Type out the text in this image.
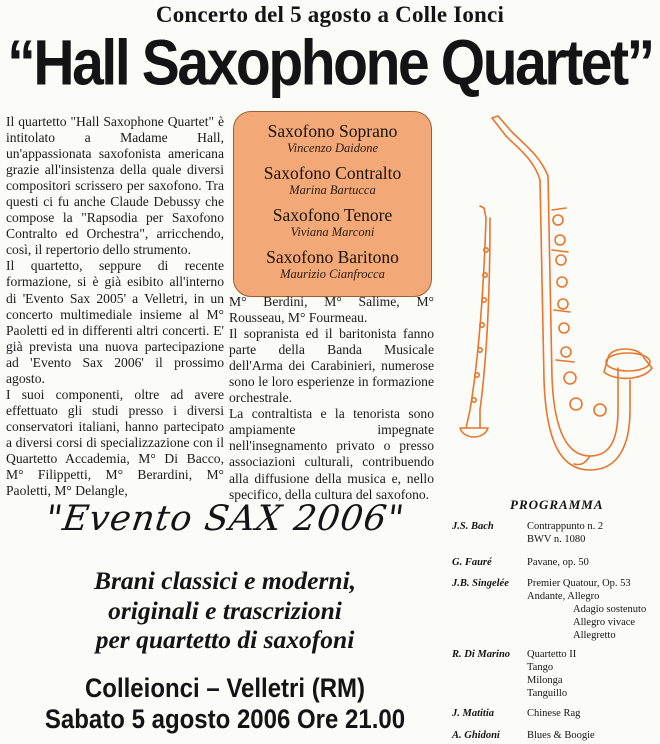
Concerto del 5 agosto a Colle Ionci
“Hall Saxophone Quartet”

Il quartetto "Hall Saxophone Quartet" è intitolato a Madame Hall, un'appassionata saxofonista americana grazie all'insistenza della quale diversi compositori scrissero per saxofono. Tra questi ci fu anche Claude Debussy che compose la "Rapsodia per Saxofono Contralto ed Orchestra", arricchendo, così, il repertorio dello strumento.

Il quartetto, seppure di recente formazione, si è già esibito all'interno di 'Evento Sax 2005' a Velletri, in un concerto multimediale insieme al M° Paoletti ed in differenti altri concerti. E' già prevista una nuova partecipazione ad 'Evento Sax 2006' il prossimo agosto.

I suoi componenti, oltre ad avere effettuato gli studi presso i diversi conservatori italiani, hanno partecipato a diversi corsi di specializzazione con il Quartetto Accademia, M° Di Bacco, M° Filippetti, M° Berardini, M° Paoletti, M° Delangle,

Saxofono Soprano
Vincenzo Daidone
Saxofono Contralto
Marina Bartucca
Saxofono Tenore
Viviana Marconi
Saxofono Baritono
Maurizio Cianfrocca

M° Berdini, M° Salime, M° Rousseau, M° Fourmeau.

Il sopranista ed il baritonista fanno parte della Banda Musicale dell'Arma dei Carabinieri, numerose sono le loro esperienze in formazione orchestrale.

La contraltista e la tenorista sono ampiamente impegnate nell'insegnamento privato o presso associazioni culturali, contribuendo alla diffusione della musica e, nello specifico, della cultura del saxofono.

"Evento SAX 2006"
Brani classici e moderni,
originali e trascrizioni
per quartetto di saxofoni
Colleionci – Velletri (RM)
Sabato 5 agosto 2006 Ore 21.00
PROGRAMMA
J.S. Bach	Contrappunto n. 2
BWV n. 1080
G. Fauré	Pavane, op. 50
J.B. Singelée	Premier Quatour, Op. 53
Andante, Allegro
Adagio sostenuto
Allegro vivace
Allegretto
R. Di Marino	Quartetto II
Tango
Milonga
Tanguillo
J. Matitia	Chinese Rag
A. Ghidoni	Blues & Boogie
